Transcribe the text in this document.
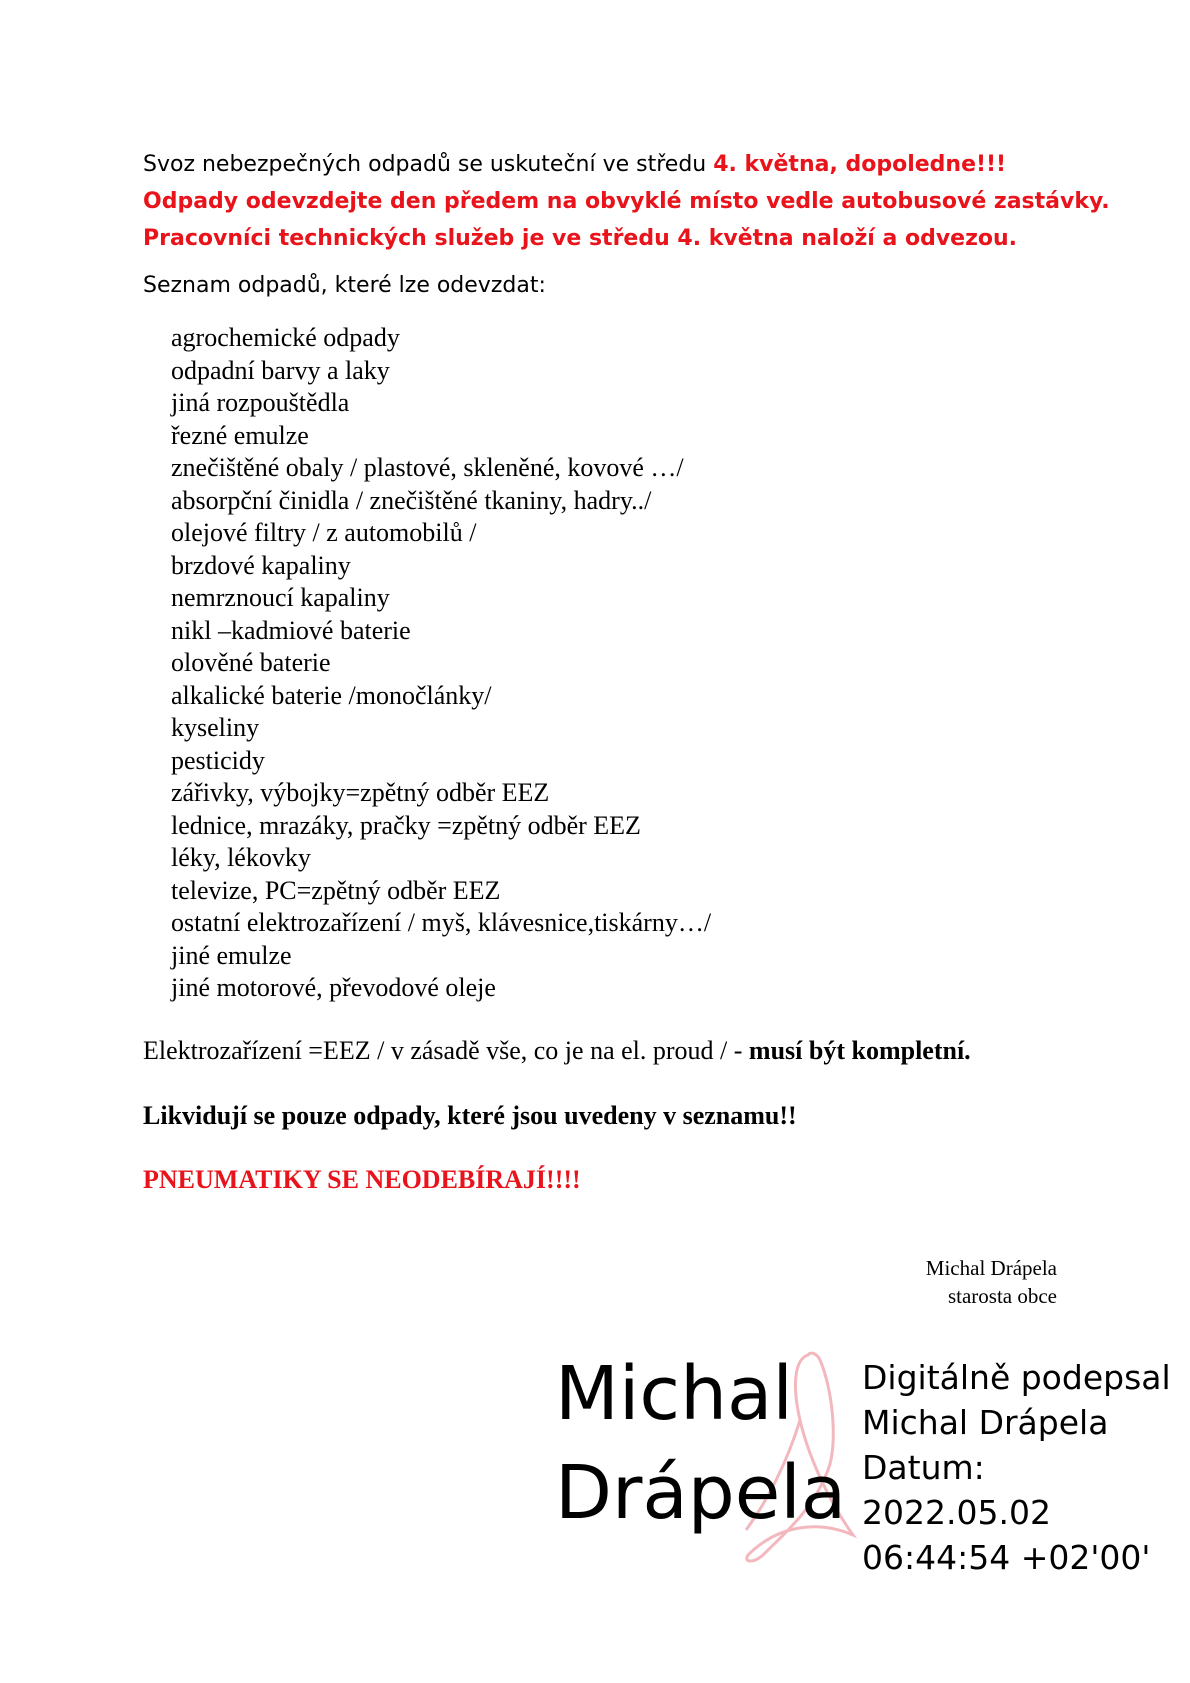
Svoz nebezpečných odpadů se uskuteční ve středu 4. května, dopoledne!!!
Odpady odevzdejte den předem na obvyklé místo vedle autobusové zastávky.
Pracovníci technických služeb je ve středu 4. května naloží a odvezou.
Seznam odpadů, které lze odevzdat:
agrochemické odpady
odpadní barvy a laky
jiná rozpouštědla
řezné emulze
znečištěné obaly / plastové, skleněné, kovové …/
absorpční činidla / znečištěné tkaniny, hadry../
olejové filtry / z automobilů /
brzdové kapaliny
nemrznoucí kapaliny
nikl –kadmiové baterie
olověné baterie
alkalické baterie /monočlánky/
kyseliny
pesticidy
zářivky, výbojky=zpětný odběr EEZ
lednice, mrazáky, pračky =zpětný odběr EEZ
léky, lékovky
televize, PC=zpětný odběr EEZ
ostatní elektrozařízení / myš, klávesnice,tiskárny…/
jiné emulze
jiné motorové, převodové oleje
Elektrozařízení =EEZ / v zásadě vše, co je na el. proud / - musí být kompletní.
Likvidují se pouze odpady, které jsou uvedeny v seznamu!!
PNEUMATIKY SE NEODEBÍRAJÍ!!!!
Michal Drápela
starosta obce
Michal
Drápela
Digitálně podepsal
Michal Drápela
Datum: 2022.05.02
06:44:54 +02'00'
